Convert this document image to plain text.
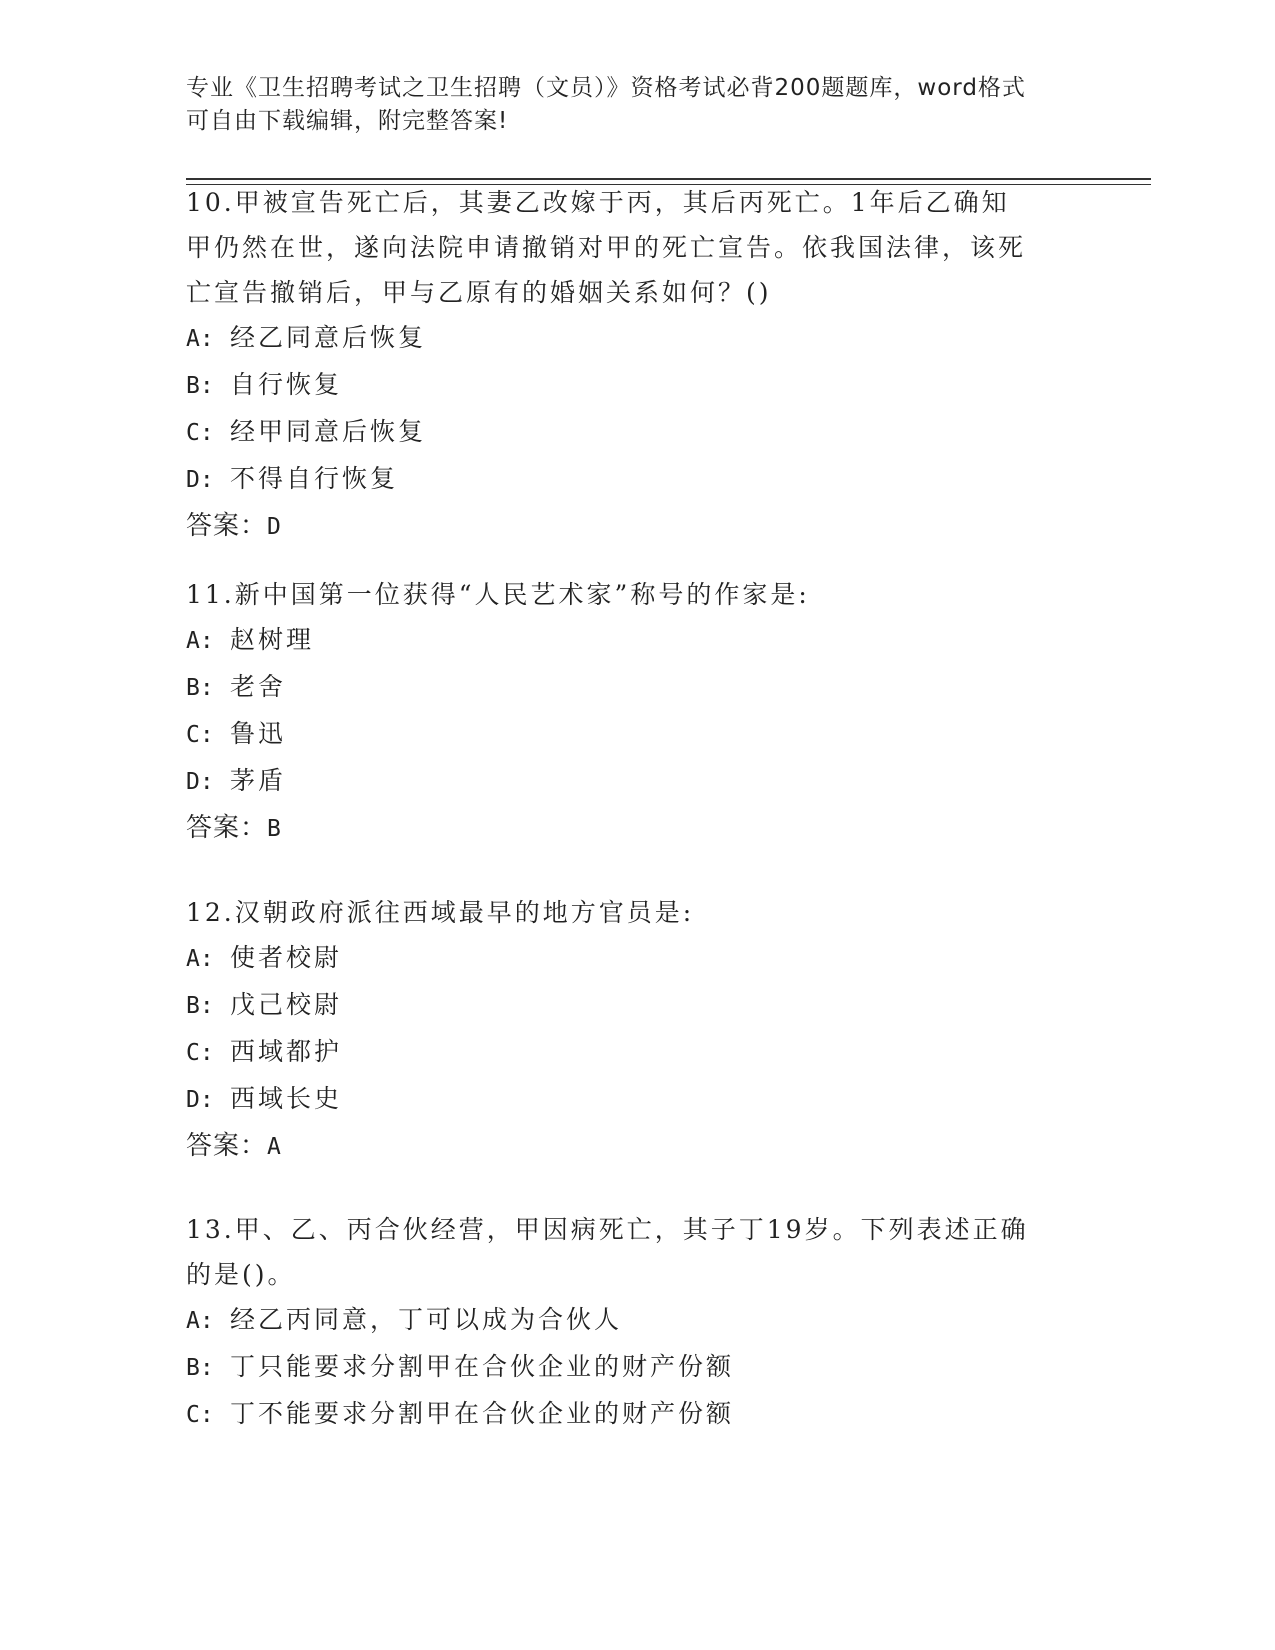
专业《卫生招聘考试之卫生招聘（文员）》资格考试必背200题题库，word格式
可自由下载编辑，附完整答案!

10.甲被宣告死亡后，其妻乙改嫁于丙，其后丙死亡。1年后乙确知甲仍然在世，遂向法院申请撤销对甲的死亡宣告。依我国法律，该死亡宣告撤销后，甲与乙原有的婚姻关系如何？()

A: 经乙同意后恢复

B: 自行恢复

C: 经甲同意后恢复

D: 不得自行恢复

答案：D

11.新中国第一位获得“人民艺术家”称号的作家是:

A: 赵树理

B: 老舍

C: 鲁迅

D: 茅盾

答案：B

12.汉朝政府派往西域最早的地方官员是:

A: 使者校尉

B: 戊己校尉

C: 西域都护

D: 西域长史

答案：A

13.甲、乙、丙合伙经营，甲因病死亡，其子丁19岁。下列表述正确的是()。

A: 经乙丙同意，丁可以成为合伙人

B: 丁只能要求分割甲在合伙企业的财产份额

C: 丁不能要求分割甲在合伙企业的财产份额
